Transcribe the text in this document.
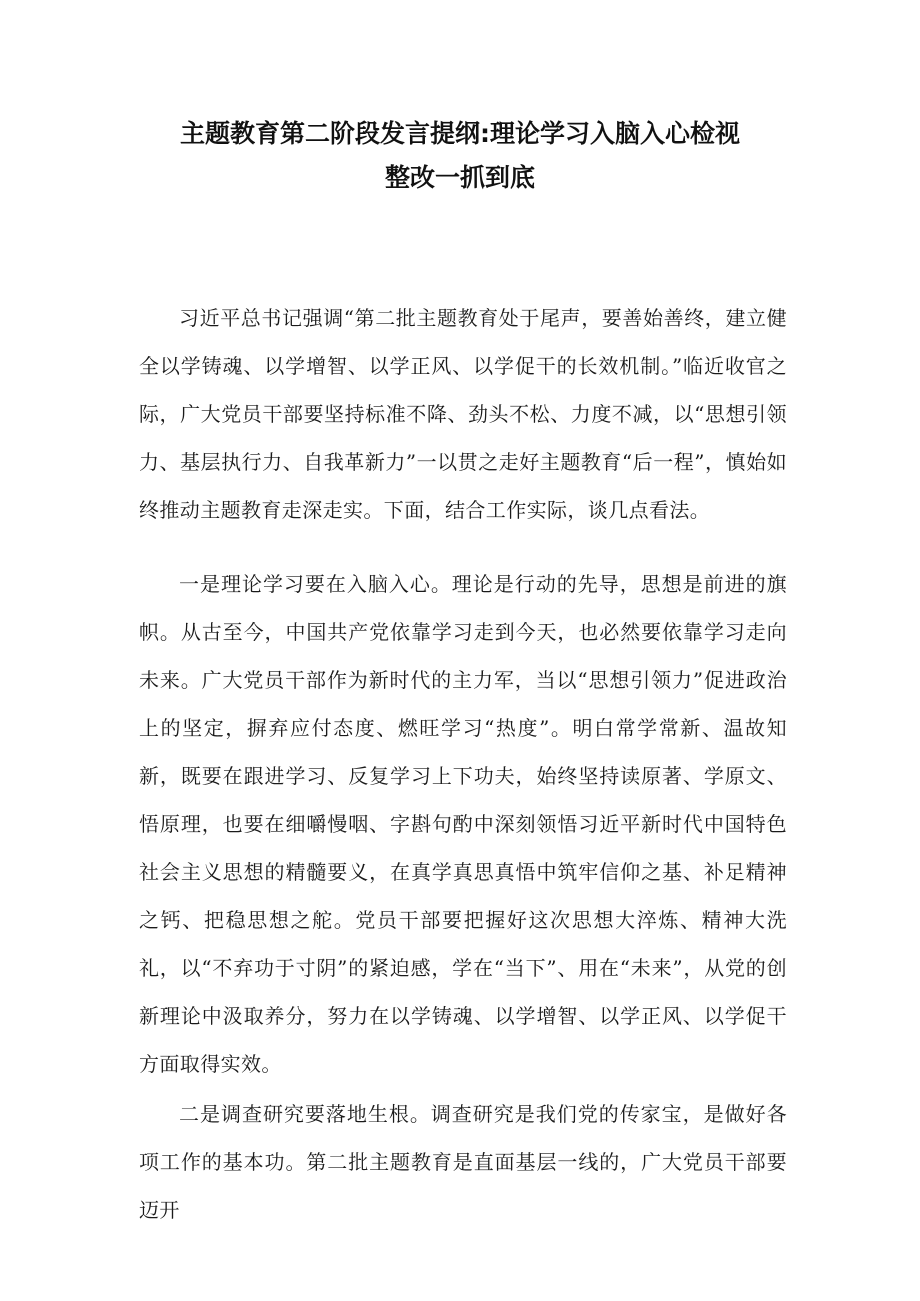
主题教育第二阶段发言提纲:理论学习入脑入心检视
整改一抓到底

习近平总书记强调“第二批主题教育处于尾声，要善始善终，建立健全以学铸魂、以学增智、以学正风、以学促干的长效机制。”临近收官之际，广大党员干部要坚持标准不降、劲头不松、力度不减，以“思想引领力、基层执行力、自我革新力”一以贯之走好主题教育“后一程”，慎始如终推动主题教育走深走实。下面，结合工作实际，谈几点看法。

一是理论学习要在入脑入心。理论是行动的先导，思想是前进的旗帜。从古至今，中国共产党依靠学习走到今天，也必然要依靠学习走向未来。广大党员干部作为新时代的主力军，当以“思想引领力”促进政治上的坚定，摒弃应付态度、燃旺学习“热度”。明白常学常新、温故知新，既要在跟进学习、反复学习上下功夫，始终坚持读原著、学原文、悟原理，也要在细嚼慢咽、字斟句酌中深刻领悟习近平新时代中国特色社会主义思想的精髓要义，在真学真思真悟中筑牢信仰之基、补足精神之钙、把稳思想之舵。党员干部要把握好这次思想大淬炼、精神大洗礼，以“不弃功于寸阴”的紧迫感，学在“当下”、用在“未来”，从党的创新理论中汲取养分，努力在以学铸魂、以学增智、以学正风、以学促干方面取得实效。

二是调查研究要落地生根。调查研究是我们党的传家宝，是做好各项工作的基本功。第二批主题教育是直面基层一线的，广大党员干部要迈开
